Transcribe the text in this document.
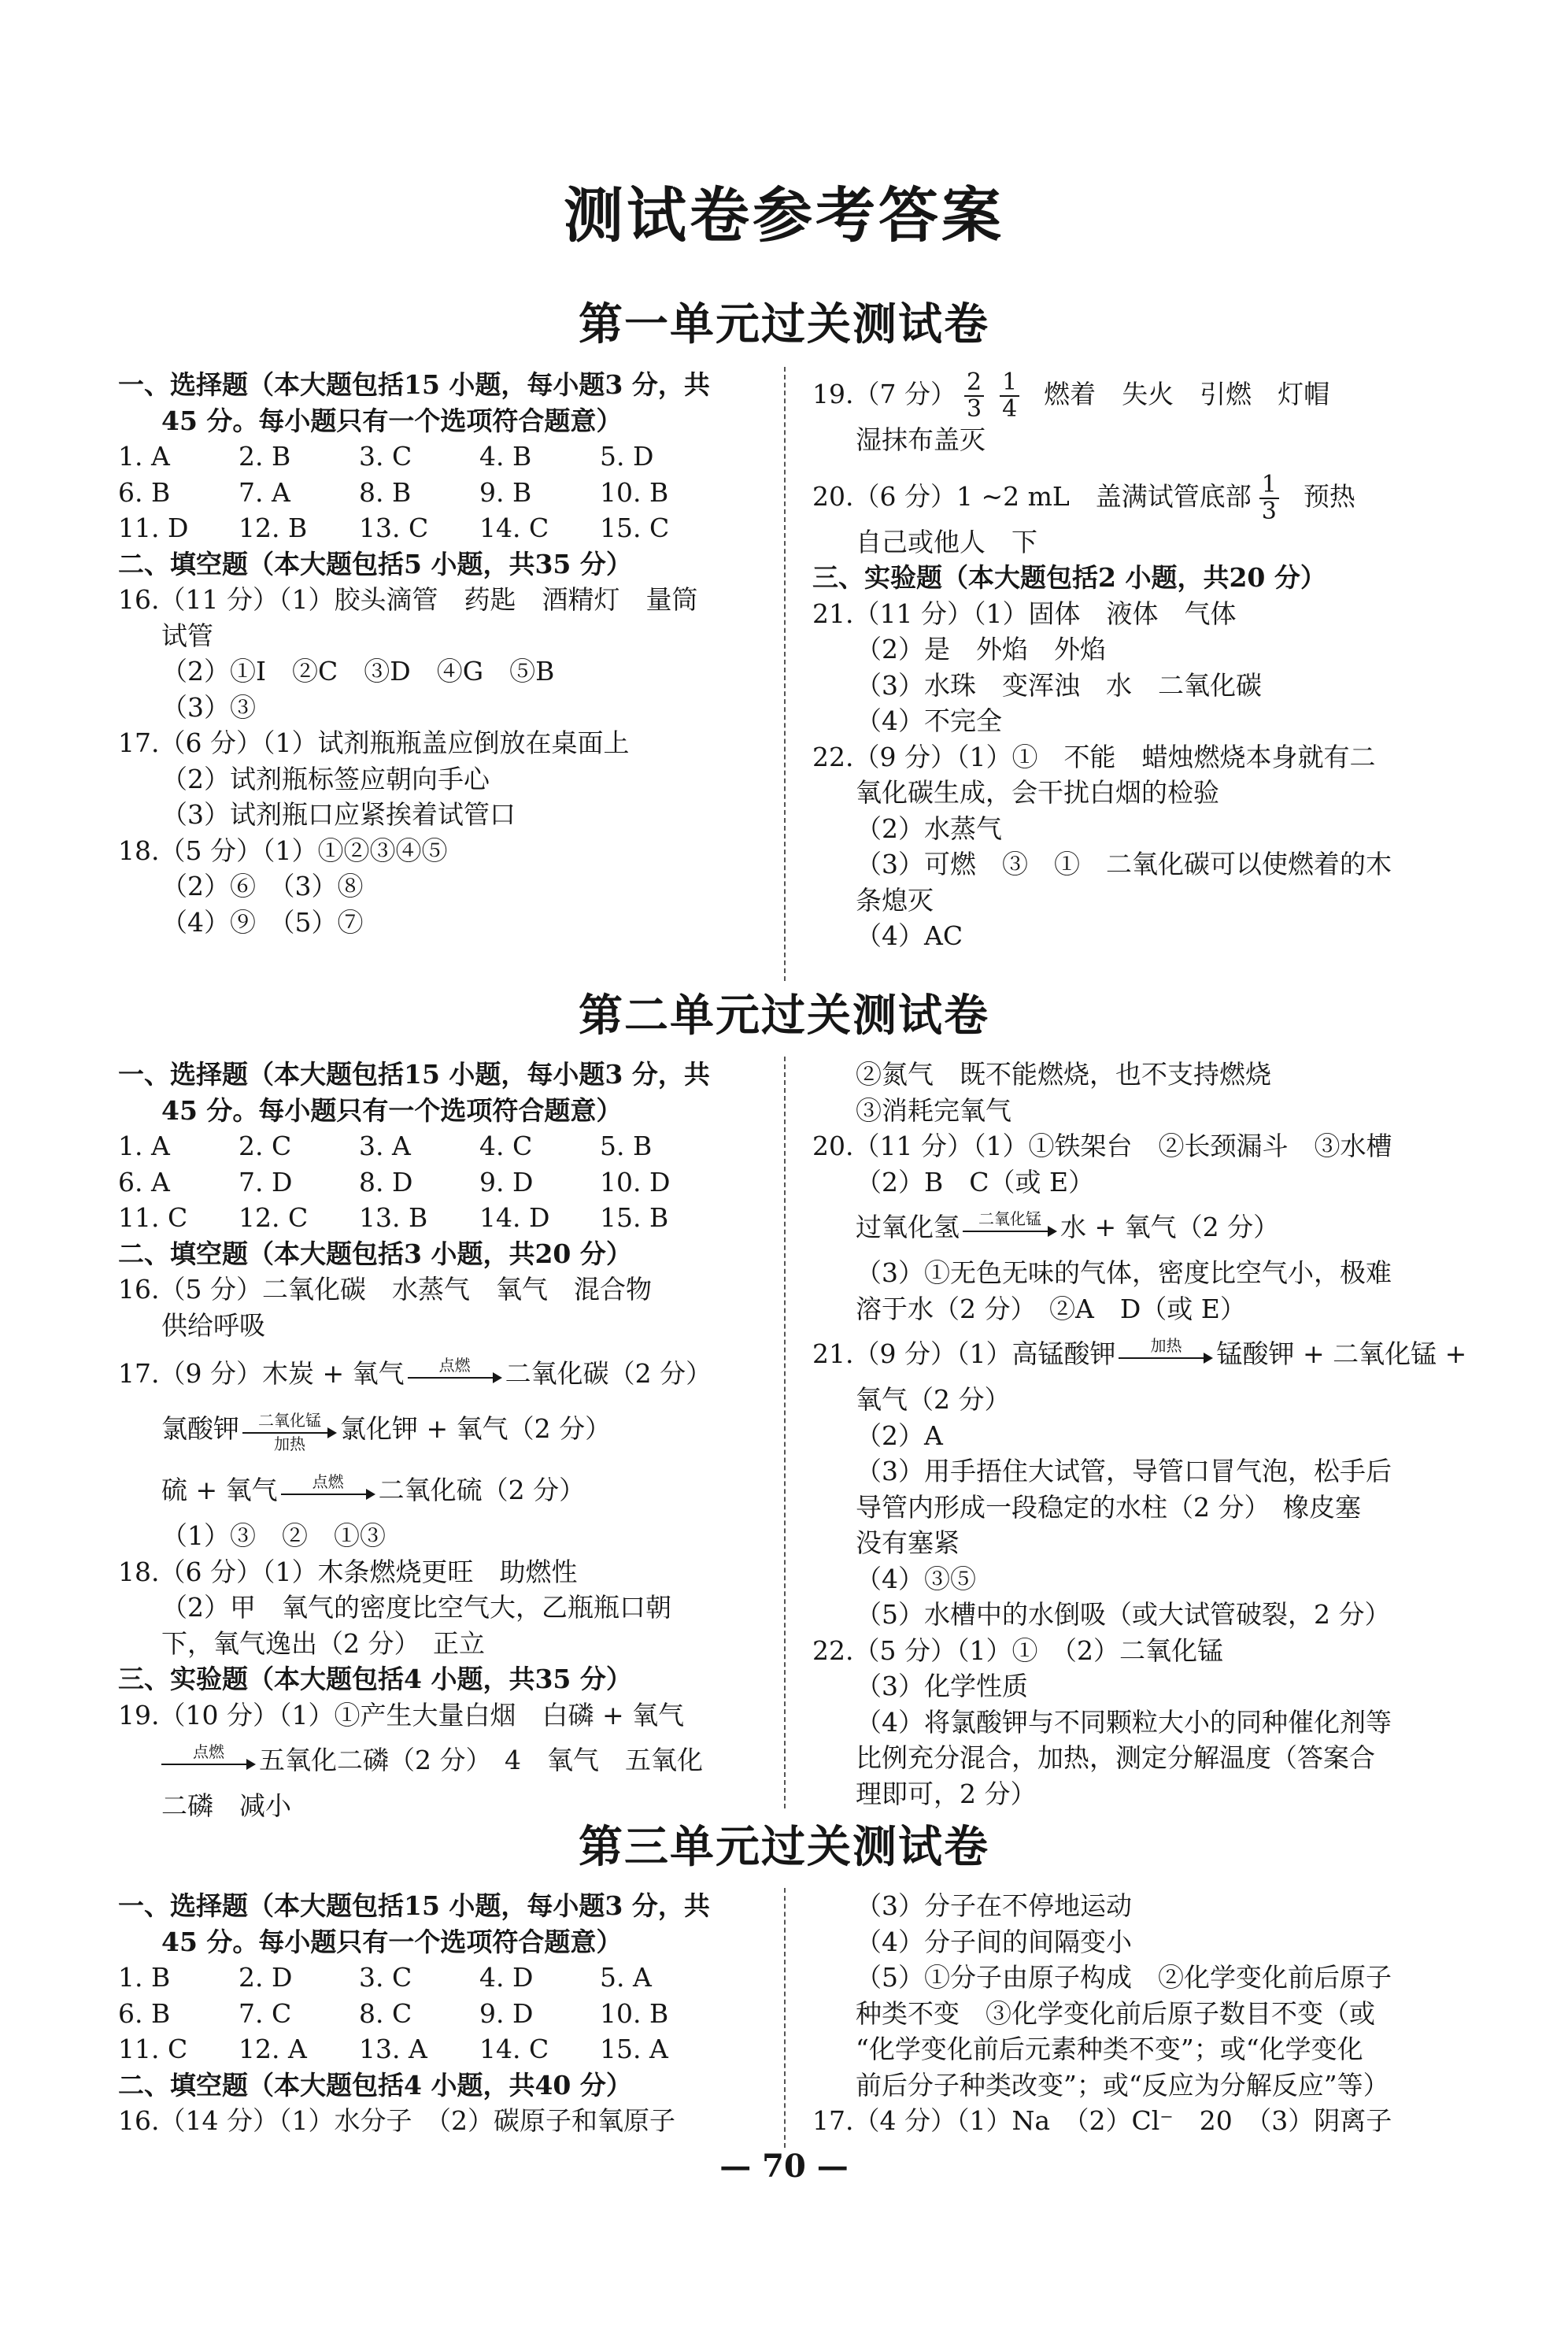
测试卷参考答案
第一单元过关测试卷
一、选择题（本大题包括15 小题，每小题3 分，共
45 分。每小题只有一个选项符合题意）
1. A	2. B	3. C	4. B	5. D
6. B	7. A	8. B	9. B	10. B
11. D	12. B	13. C	14. C	15. C
二、填空题（本大题包括5 小题，共35 分）
16.（11 分）（1）胶头滴管　药匙　酒精灯　量筒
试管
（2）①I　②C　③D　④G　⑤B
（3）③
17.（6 分）（1）试剂瓶瓶盖应倒放在桌面上
（2）试剂瓶标签应朝向手心
（3）试剂瓶口应紧挨着试管口
18.（5 分）（1）①②③④⑤
（2）⑥　（3）⑧
（4）⑨　（5）⑦
19.（7 分） $\frac{2}{3} \frac{1}{4}$ 燃着　失火　引燃　灯帽
湿抹布盖灭
20.（6 分）1 ~2 mL　盖满试管底部 $\frac{1}{3}$ 预热
自己或他人　下
三、实验题（本大题包括2 小题，共20 分）
21.（11 分）（1）固体　液体　气体
（2）是　外焰　外焰
（3）水珠　变浑浊　水　二氧化碳
（4）不完全
22.（9 分）（1）①　不能　蜡烛燃烧本身就有二
氧化碳生成，会干扰白烟的检验
（2）水蒸气
（3）可燃　③　①　二氧化碳可以使燃着的木
条熄灭
（4）AC
第二单元过关测试卷
一、选择题（本大题包括15 小题，每小题3 分，共
45 分。每小题只有一个选项符合题意）
1. A	2. C	3. A	4. C	5. B
6. A	7. D	8. D	9. D	10. D
11. C	12. C	13. B	14. D	15. B
二、填空题（本大题包括3 小题，共20 分）
16.（5 分）二氧化碳　水蒸气　氧气　混合物
供给呼吸
17.（9 分）木炭 + 氧气	点燃	二氧化碳（2 分）
氯酸钾	二氧化锰
加热	氯化钾 + 氧气（2 分）
硫 + 氧气	点燃	二氧化硫（2 分）
（1）③　②　①③
18.（6 分）（1）木条燃烧更旺　助燃性
（2）甲　氧气的密度比空气大，乙瓶瓶口朝
下，氧气逸出（2 分）　正立
三、实验题（本大题包括4 小题，共35 分）
19.（10 分）（1）①产生大量白烟　白磷 + 氧气
点燃	五氧化二磷（2 分）　4　氧气　五氧化
二磷　减小
②氮气　既不能燃烧，也不支持燃烧
③消耗完氧气
20.（11 分）（1）①铁架台　②长颈漏斗　③水槽
（2）B　C（或 E）
过氧化氢	二氧化锰 水 + 氧气（2 分）
（3）①无色无味的气体，密度比空气小，极难
溶于水（2 分）　②A　D（或 E）
21.（9 分）（1）高锰酸钾	加热	锰酸钾 + 二氧化锰 +
氧气（2 分）
（2）A
（3）用手捂住大试管，导管口冒气泡，松手后
导管内形成一段稳定的水柱（2 分）　橡皮塞
没有塞紧
（4）③⑤
（5）水槽中的水倒吸（或大试管破裂，2 分）
22.（5 分）（1）①　（2）二氧化锰
（3）化学性质
（4）将氯酸钾与不同颗粒大小的同种催化剂等
比例充分混合，加热，测定分解温度（答案合
理即可，2 分）
第三单元过关测试卷
一、选择题（本大题包括15 小题，每小题3 分，共
45 分。每小题只有一个选项符合题意）
1. B	2. D	3. C	4. D	5. A
6. B	7. C	8. C	9. D	10. B
11. C	12. A	13. A	14. C	15. A
二、填空题（本大题包括4 小题，共40 分）
16.（14 分）（1）水分子　（2）碳原子和氧原子
（3）分子在不停地运动
（4）分子间的间隔变小
（5）①分子由原子构成　②化学变化前后原子
种类不变　③化学变化前后原子数目不变（或
“化学变化前后元素种类不变”；或“化学变化
前后分子种类改变”；或“反应为分解反应”等）
17.（4 分）（1）Na　（2）Cl⁻　20　（3）阴离子
— 70 —
